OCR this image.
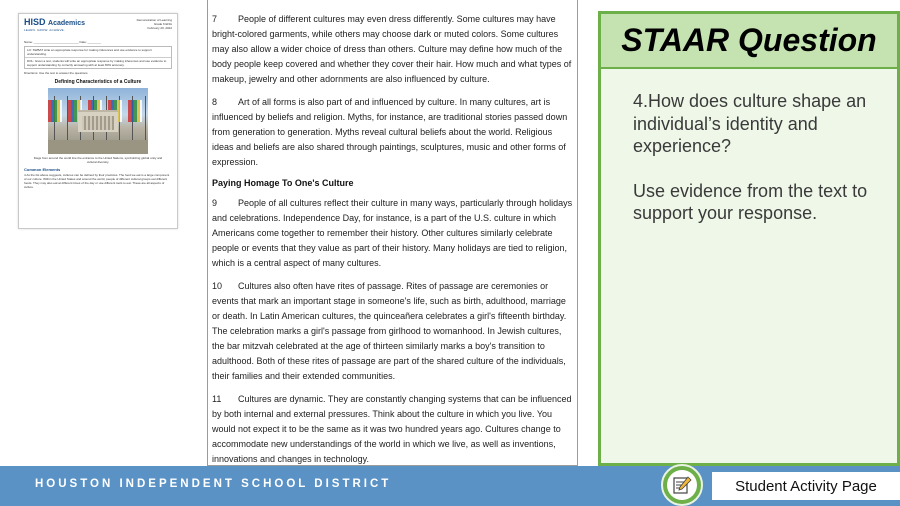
HISD Academics
LEARN. GROW. ACHIEVE.
Demonstration of Learning
Grade 6 ENG
February 20, 2022
Name: ___________________________ Date: ________
LO: SWBAT write an appropriate response for making inferences and use evidence to support understanding.
DOL: Given a text, students will write an appropriate response by making inferences and use evidence to support understanding by correctly answering with at least 80% accuracy.
Directions: Use the text to answer the questions.
Defining Characteristics of a Culture
Flags from around the world line the entrance to the United Nations, symbolizing global unity and cultural diversity.
Common Elements
4 As the list above suggests, cultures can be defined by their practices. The food we eat is a large component of our culture. Within the United States and around the world, people of different cultural groups eat different foods. They may also eat at different times of the day or use different tools to eat. These are all aspects of culture.

7 People of different cultures may even dress differently. Some cultures may have bright-colored garments, while others may choose dark or muted colors. Some cultures may also allow a wider choice of dress than others. Culture may define how much of the body people keep covered and whether they cover their hair. How much and what types of makeup, jewelry and other adornments are also influenced by culture.

8 Art of all forms is also part of and influenced by culture. In many cultures, art is influenced by beliefs and religion. Myths, for instance, are traditional stories passed down from generation to generation. Myths reveal cultural beliefs about the world. Religious ideas and beliefs are also shared through paintings, sculptures, music and other forms of expression.

Paying Homage To One's Culture

9 People of all cultures reflect their culture in many ways, particularly through holidays and celebrations. Independence Day, for instance, is a part of the U.S. culture in which Americans come together to remember their history. Other cultures similarly celebrate people or events that they value as part of their history. Many holidays are tied to religion, which is a central aspect of many cultures.

10 Cultures also often have rites of passage. Rites of passage are ceremonies or events that mark an important stage in someone's life, such as birth, adulthood, marriage or death. In Latin American cultures, the quinceañera celebrates a girl's fifteenth birthday. The celebration marks a girl's passage from girlhood to womanhood. In Jewish cultures, the bar mitzvah celebrated at the age of thirteen similarly marks a boy's transition to adulthood. Both of these rites of passage are part of the shared culture of the individuals, their families and their extended communities.

11 Cultures are dynamic. They are constantly changing systems that can be influenced by both internal and external pressures. Think about the culture in which you live. You would not expect it to be the same as it was two hundred years ago. Cultures change to accommodate new understandings of the world in which we live, as well as inventions, innovations and changes in technology.

STAAR Question
4.How does culture shape an individual’s identity and experience?
Use evidence from the text to support your response.
HOUSTON INDEPENDENT SCHOOL DISTRICT	Student Activity Page
